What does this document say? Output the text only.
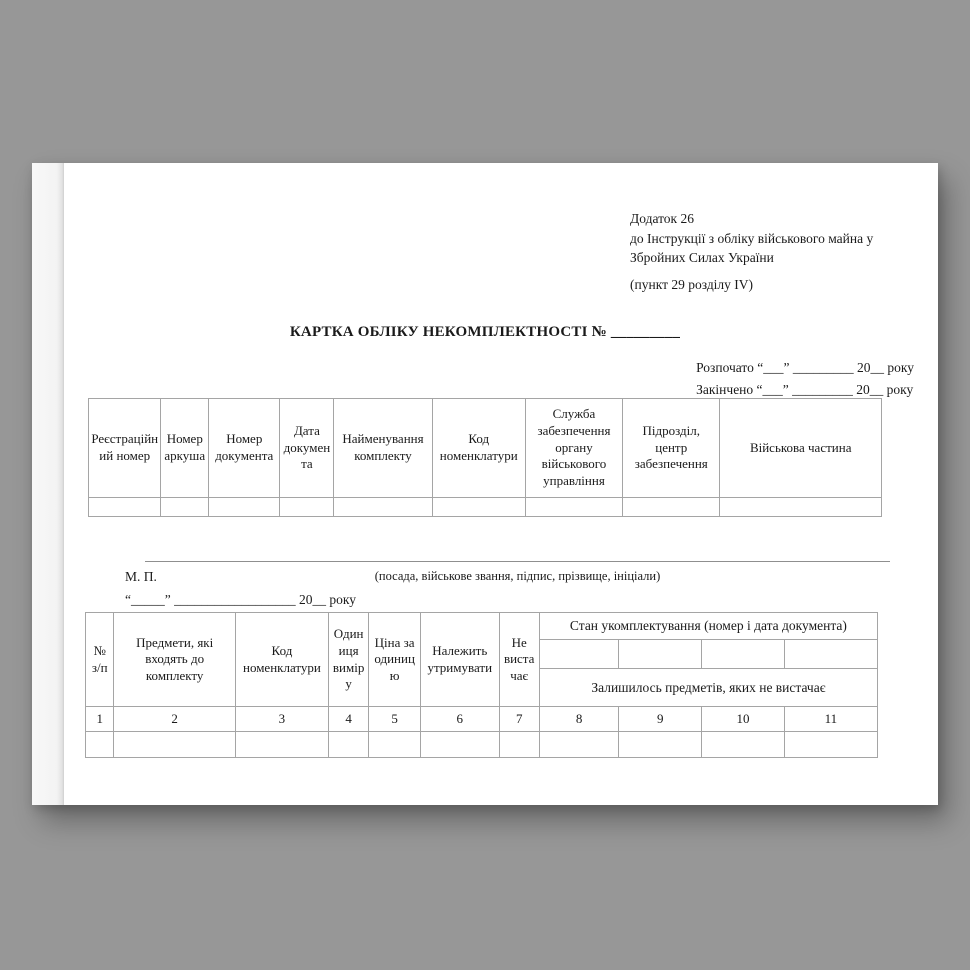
Додаток 26
до Інструкції з обліку військового майна у
Збройних Силах України
(пункт 29 розділу IV)
КАРТКА ОБЛІКУ НЕКОМПЛЕКТНОСТІ № _________
Розпочато “___” _________ 20__ року
Закінчено “___” _________ 20__ року
Реєстраційний номер	Номер аркуша	Номер документа	Дата документа	Найменування комплекту	Код номенклатури	Служба забезпечення органу військового управління	Підрозділ, центр забезпечення	Військова частина

М. П.	(посада, військове звання, підпис, прізвище, ініціали)
“_____” __________________ 20__ року
№ з/п	Предмети, які входять до комплекту	Код номенклатури	Одиниця виміру	Ціна за одиницю	Належить утримувати	Не вистачає	Стан укомплектування (номер і дата документа)			

							Залишилось предметів, яких не вистачає			
1	2	3	4	5	6	7	8	9	10	11
